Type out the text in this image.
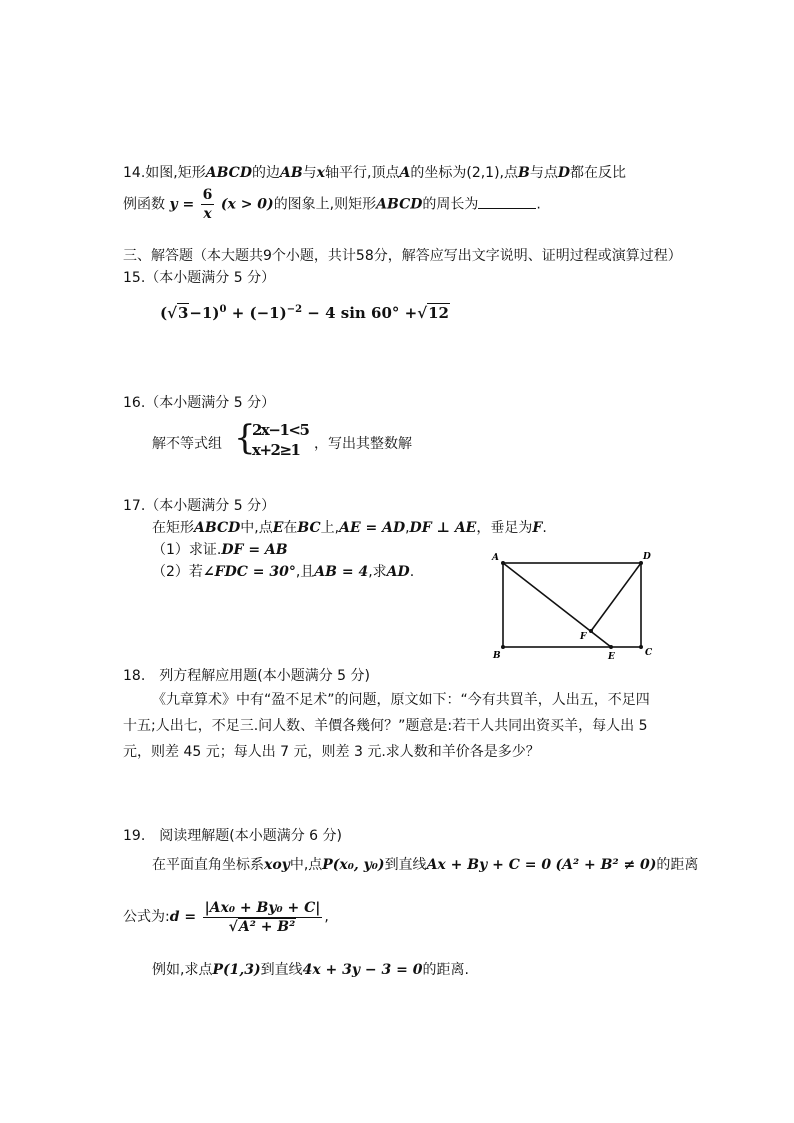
14.如图,矩形ABCD的边AB与x轴平行,顶点A的坐标为(2,1),点B与点D都在反比
例函数 $y = \frac{6}{x} (x > 0)$的图象上,则矩形ABCD的周长为	.
三、解答题（本大题共9个小题，共计58分，解答应写出文字说明、证明过程或演算过程）
15.（本小题满分 5 分）
$(√3-1)^0 + (-1)^{-2} - 4$ sin 60° +√12
16.（本小题满分 5 分）
解不等式组 {
2x−1<5
x+2≥1 ，写出其整数解
17.（本小题满分 5 分）
在矩形ABCD中,点E在BC上,AE = AD,DF ⊥ AE，垂足为F.
（1）求证.DF = AB
（2）若∠FDC = 30°,且AB = 4,求AD.
A	D
B	C
E
F
18.　列方程解应用题(本小题满分 5 分)
《九章算术》中有“盈不足术”的问题，原文如下：“今有共買羊，人出五，不足四
十五;人出七，不足三.问人数、羊價各幾何？”题意是:若干人共同出资买羊，每人出 5
元，则差 45 元；每人出 7 元，则差 3 元.求人数和羊价各是多少？
19.　阅读理解题(本小题满分 6 分)
在平面直角坐标系xoy中,点P(x₀, y₀)到直线Ax + By + C = 0 (A² + B² ≠ 0)的距离
公式为:d = $\frac{\text{|Ax₀ + By₀ + C|}}{\text{√A² + B²}}$ ,
例如,求点P(1,3)到直线4x + 3y − 3 = 0的距离.
